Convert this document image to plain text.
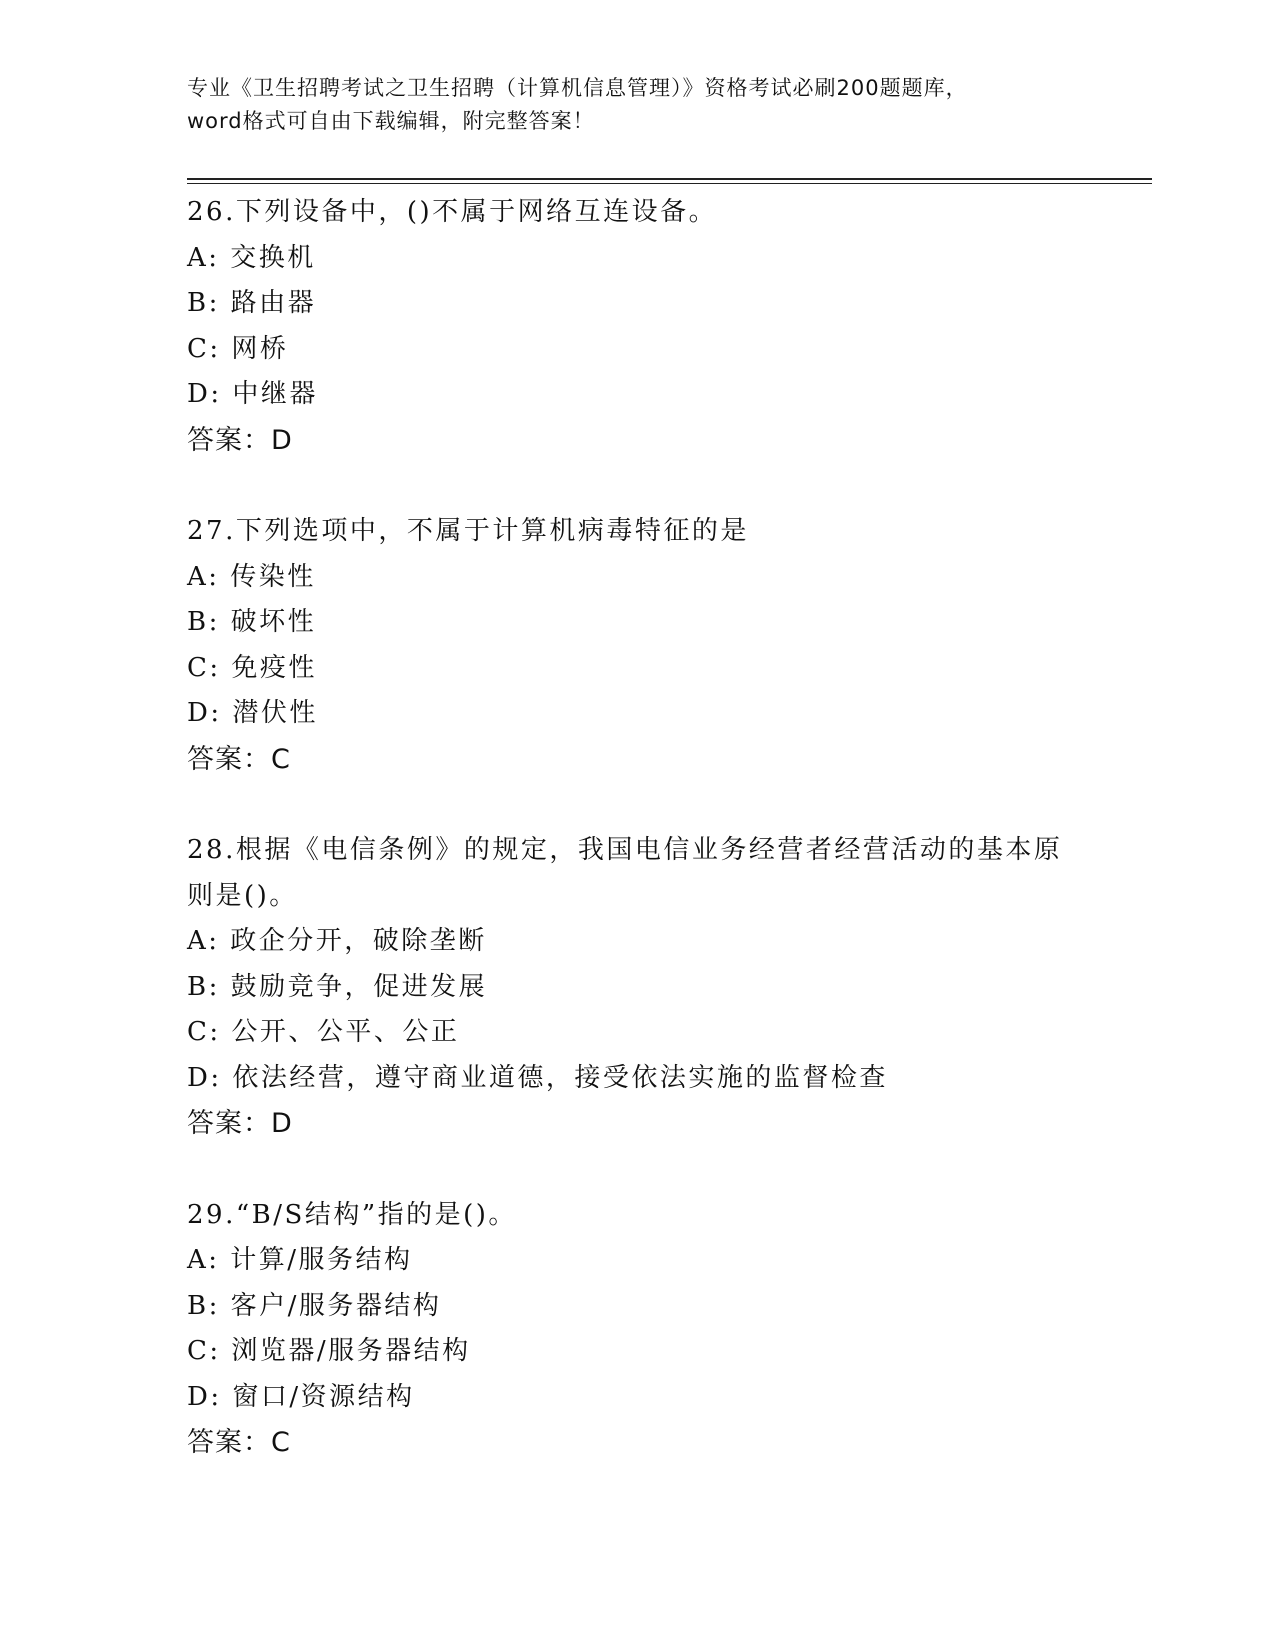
专业《卫生招聘考试之卫生招聘（计算机信息管理）》资格考试必刷200题题库，
word格式可自由下载编辑，附完整答案！
26.下列设备中，()不属于网络互连设备。
A: 交换机
B: 路由器
C: 网桥
D: 中继器
答案：D
27.下列选项中，不属于计算机病毒特征的是
A: 传染性
B: 破坏性
C: 免疫性
D: 潜伏性
答案：C
28.根据《电信条例》的规定，我国电信业务经营者经营活动的基本原
则是()。
A: 政企分开，破除垄断
B: 鼓励竞争，促进发展
C: 公开、公平、公正
D: 依法经营，遵守商业道德，接受依法实施的监督检查
答案：D
29.“B/S结构”指的是()。
A: 计算/服务结构
B: 客户/服务器结构
C: 浏览器/服务器结构
D: 窗口/资源结构
答案：C
